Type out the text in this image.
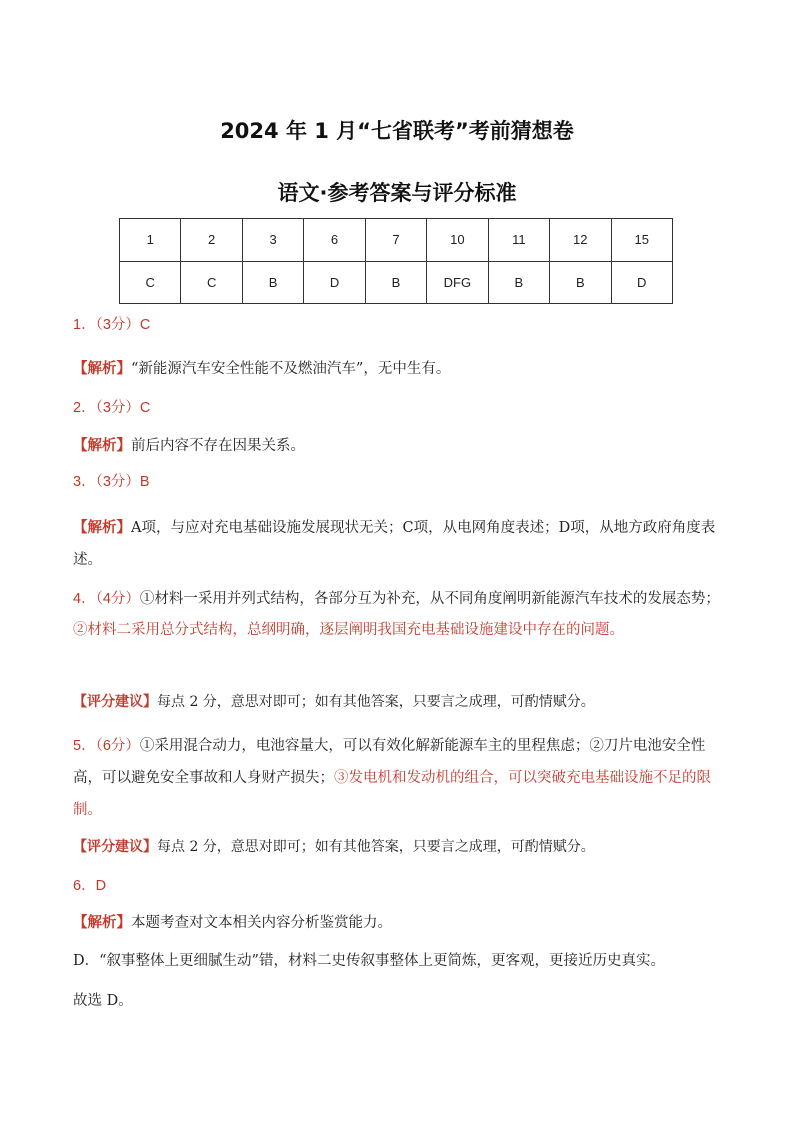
2024 年 1 月“七省联考”考前猜想卷
语文·参考答案与评分标准
1	2	3	6	7	10	11	12	15
C	C	B	D	B	DFG	B	B	D
1．（3分）C
【解析】“新能源汽车安全性能不及燃油汽车”，无中生有。
2．（3分）C
【解析】前后内容不存在因果关系。
3．（3分）B
【解析】A项，与应对充电基础设施发展现状无关；C项，从电网角度表述；D项，从地方政府角度表述。
4．（4分）①材料一采用并列式结构，各部分互为补充，从不同角度阐明新能源汽车技术的发展态势；②材料二采用总分式结构，总纲明确，逐层阐明我国充电基础设施建设中存在的问题。
【评分建议】每点 2 分，意思对即可；如有其他答案，只要言之成理，可酌情赋分。
5．（6分）①采用混合动力，电池容量大，可以有效化解新能源车主的里程焦虑；②刀片电池安全性高，可以避免安全事故和人身财产损失；③发电机和发动机的组合，可以突破充电基础设施不足的限制。
【评分建议】每点 2 分，意思对即可；如有其他答案，只要言之成理，可酌情赋分。
6．D
【解析】本题考查对文本相关内容分析鉴赏能力。
D．“叙事整体上更细腻生动”错，材料二史传叙事整体上更简炼，更客观，更接近历史真实。
故选 D。
